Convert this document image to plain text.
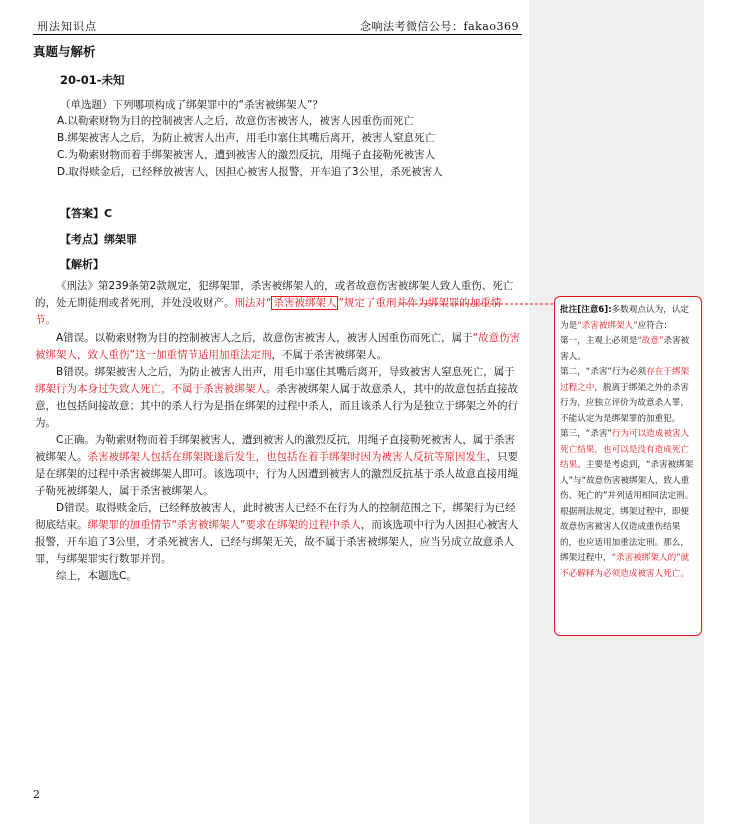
刑法知识点	念响法考微信公号：fakao369
真题与解析
20-01-未知
（单选题）下列哪项构成了绑架罪中的“杀害被绑架人”？
A.以勒索财物为目的控制被害人之后，故意伤害被害人，被害人因重伤而死亡
B.绑架被害人之后，为防止被害人出声，用毛巾塞住其嘴后离开，被害人窒息死亡
C.为勒索财物而着手绑架被害人，遭到被害人的激烈反抗，用绳子直接勒死被害人
D.取得赎金后，已经释放被害人，因担心被害人报警，开车追了3公里，杀死被害人
【答案】C
【考点】绑架罪
【解析】
《刑法》第239条第2款规定，犯绑架罪，杀害被绑架人的，或者故意伤害被绑架人致人重伤、死亡的，处无期徒刑或者死刑，并处没收财产。刑法对“ 杀害被绑架人 ”规定了重刑并作为绑架罪的加重情节。
A错误。以勒索财物为目的控制被害人之后，故意伤害被害人，被害人因重伤而死亡，属于“故意伤害被绑架人，致人重伤”这一加重情节适用加重法定刑，不属于杀害被绑架人。
B错误。绑架被害人之后，为防止被害人出声，用毛巾塞住其嘴后离开，导致被害人窒息死亡，属于绑架行为本身过失致人死亡，不属于杀害被绑架人。杀害被绑架人属于故意杀人，其中的故意包括直接故意，也包括间接故意；其中的杀人行为是指在绑架的过程中杀人，而且该杀人行为是独立于绑架之外的行为。
C正确。为勒索财物而着手绑架被害人，遭到被害人的激烈反抗，用绳子直接勒死被害人，属于杀害被绑架人。杀害被绑架人包括在绑架既遂后发生，也包括在着手绑架时因为被害人反抗等原因发生，只要是在绑架的过程中杀害被绑架人即可。该选项中，行为人因遭到被害人的激烈反抗基于杀人故意直接用绳子勒死被绑架人，属于杀害被绑架人。
D错误。取得赎金后，已经释放被害人，此时被害人已经不在行为人的控制范围之下，绑架行为已经彻底结束。绑架罪的加重情节“杀害被绑架人”要求在绑架的过程中杀人，而该选项中行为人因担心被害人报警，开车追了3公里，才杀死被害人，已经与绑架无关，故不属于杀害被绑架人，应当另成立故意杀人罪，与绑架罪实行数罪并罚。
综上，本题选C。
批注[注意6]:多数观点认为，认定为是“杀害被绑架人”应符合：
第一，主观上必须是“故意”杀害被害人。
第二，“杀害”行为必须存在于绑架过程之中，脱离于绑架之外的杀害行为，应独立评价为故意杀人罪，不能认定为是绑架罪的加重犯。
第三，“杀害”行为可以造成被害人死亡结果，也可以是没有造成死亡结果。主要是考虑到，“杀害被绑架人”与“故意伤害被绑架人，致人重伤、死亡的”并列适用相同法定刑。根据刑法规定，绑架过程中，即便故意伤害被害人仅造成重伤结果的，也应适用加重法定刑。那么，绑架过程中，“杀害被绑架人的”就不必解释为必须造成被害人死亡。
2
